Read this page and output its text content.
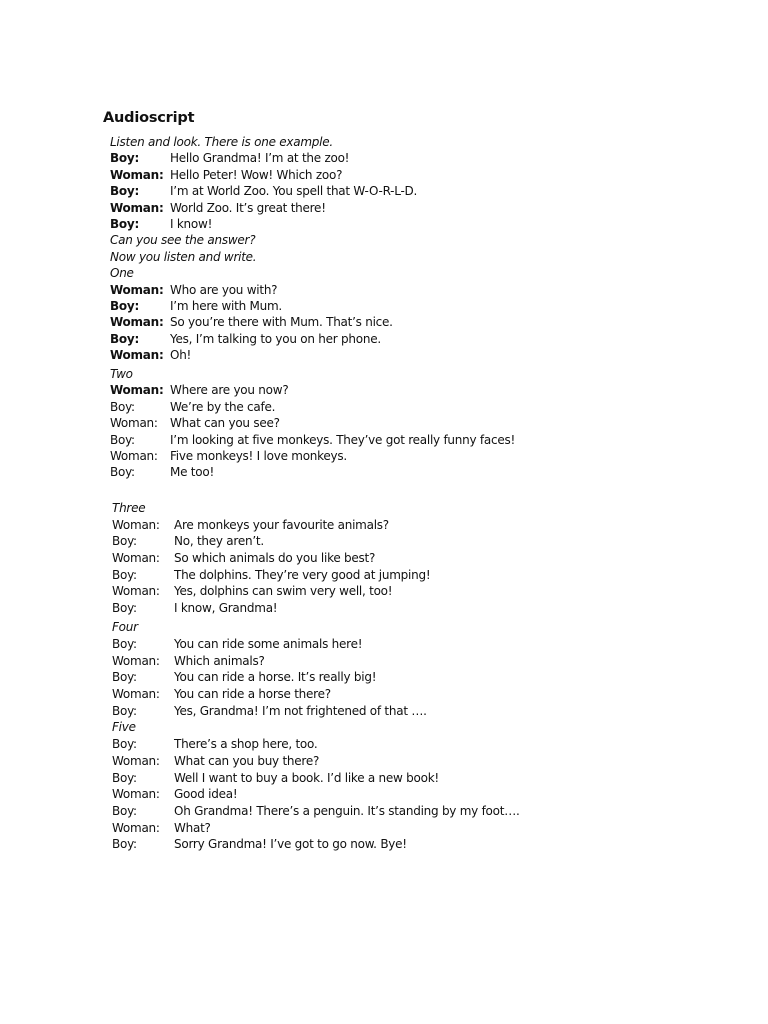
Audioscript
Listen and look. There is one example.
Boy:	Hello Grandma! I’m at the zoo!
Woman: Hello Peter! Wow! Which zoo?
Boy:	I’m at World Zoo. You spell that W-O-R-L-D.
Woman: World Zoo. It’s great there!
Boy:	I know!
Can you see the answer?
Now you listen and write.
One
Woman: Who are you with?
Boy:	I’m here with Mum.
Woman: So you’re there with Mum. That’s nice.
Boy:	Yes, I’m talking to you on her phone.
Woman: Oh!
Two
Woman: Where are you now?
Boy:	We’re by the cafe.
Woman: What can you see?
Boy:	I’m looking at five monkeys. They’ve got really funny faces!
Woman: Five monkeys! I love monkeys.
Boy:	Me too!
Three
Woman: Are monkeys your favourite animals?
Boy:	No, they aren’t.
Woman: So which animals do you like best?
Boy:	The dolphins. They’re very good at jumping!
Woman: Yes, dolphins can swim very well, too!
Boy:	I know, Grandma!
Four
Boy:	You can ride some animals here!
Woman: Which animals?
Boy:	You can ride a horse. It’s really big!
Woman: You can ride a horse there?
Boy:	Yes, Grandma! I’m not frightened of that ….
Five
Boy:	There’s a shop here, too.
Woman: What can you buy there?
Boy:	Well I want to buy a book. I’d like a new book!
Woman: Good idea!
Boy:	Oh Grandma! There’s a penguin. It’s standing by my foot….
Woman: What?
Boy:	Sorry Grandma! I’ve got to go now. Bye!
